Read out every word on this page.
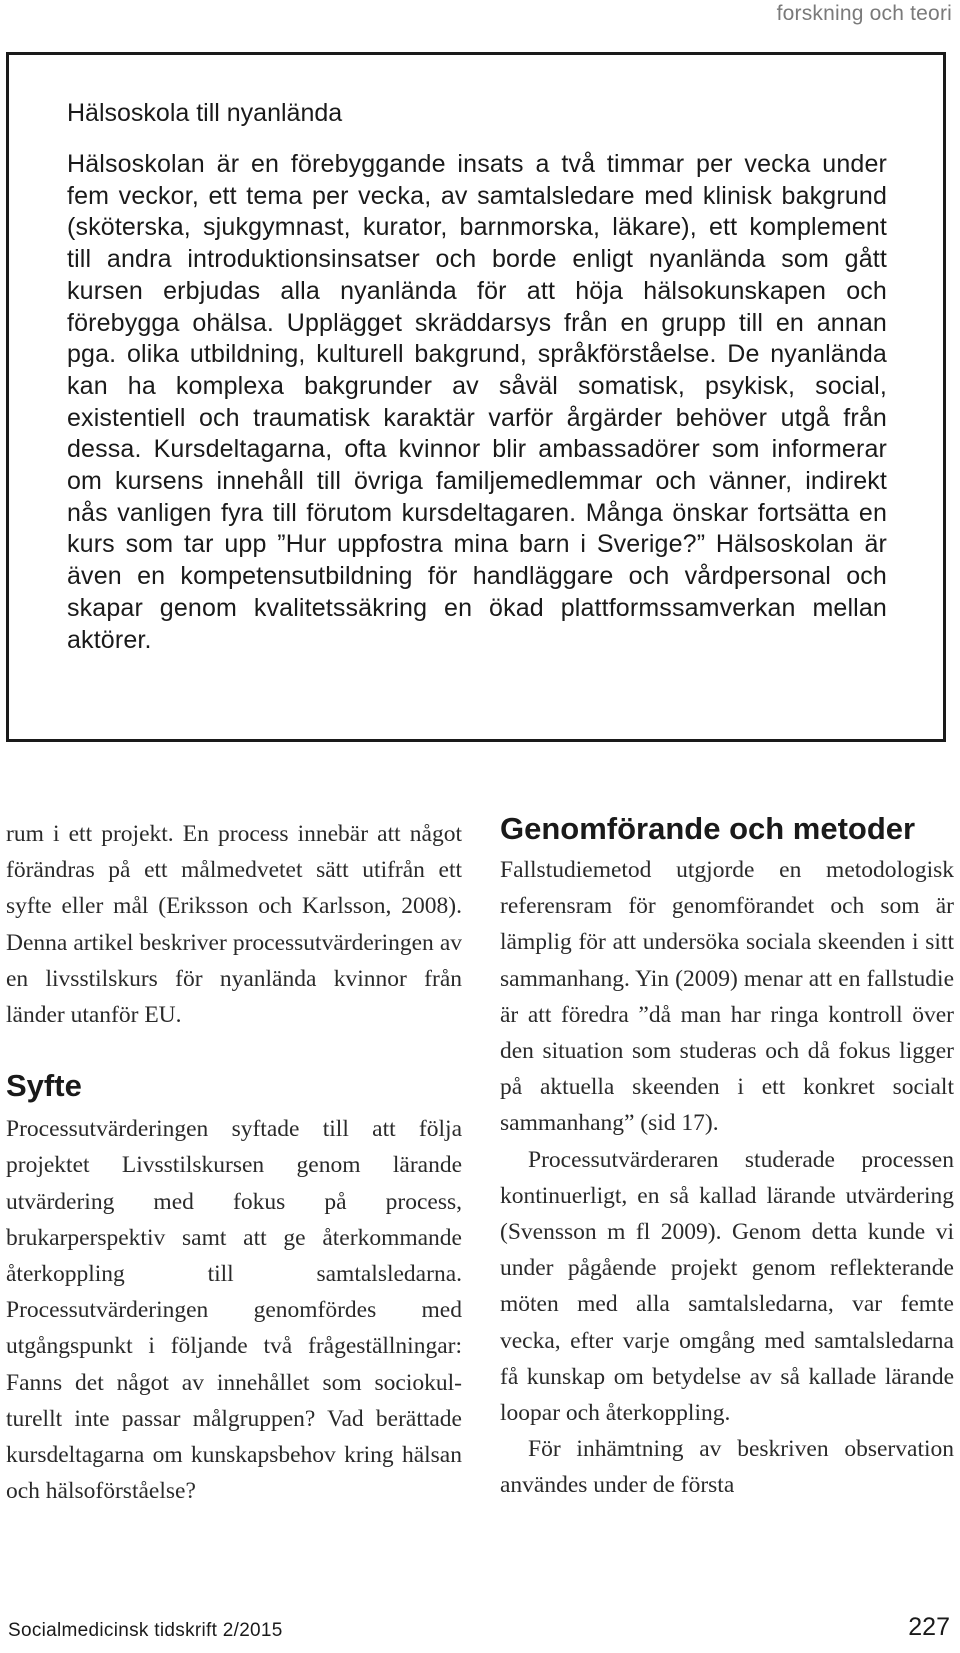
forskning och teori
Hälsoskola till nyanlända
Hälsoskolan är en förebyggande insats a två timmar per vecka under fem veckor, ett tema per vecka, av samtalsledare med klinisk bakgrund (sköterska, sjukgymnast, kurator, barnmorska, läkare), ett komplement till andra introduktionsinsatser och borde enligt nyanlända som gått kursen erbjudas alla nyanlända för att höja hälsokunskapen och förebygga ohälsa. Upplägget skräddarsys från en grupp till en annan pga. olika utbildning, kulturell bakgrund, språkförståelse. De nyanlända kan ha komplexa bakgrunder av såväl somatisk, psykisk, social, existentiell och traumatisk karaktär varför årgärder behöver utgå från dessa. Kursdeltagarna, ofta kvinnor blir ambassadörer som informerar om kursens innehåll till övriga familjemedlemmar och vänner, indirekt nås vanligen fyra till förutom kursdeltagaren. Många önskar fortsätta en kurs som tar upp ”Hur uppfostra mina barn i Sverige?” Hälsoskolan är även en kompetensutbildning för handläggare och vårdpersonal och skapar genom kvalitetssäkring en ökad plattformssamverkan mellan aktörer.

rum i ett projekt. En process innebär att något förändras på ett målmedvetet sätt utifrån ett syfte eller mål (Eriksson och Karlsson, 2008). Denna artikel beskriver processutvärderingen av en livsstilskurs för nyanlända kvinnor från länder utanför EU.

Syfte

Processutvärderingen syftade till att följa projektet Livsstilskursen genom lärande utvärdering med fokus på process, brukarperspektiv samt att ge återkommande återkoppling till samtalsledarna. Processutvärderingen genomfördes med utgångspunkt i följande två frågeställningar: Fanns det något av innehållet som sociokulturellt inte passar målgruppen? Vad berättade kursdeltagarna om kunskapsbehov kring hälsan och hälsoförståelse?

Genomförande och metoder

Fallstudiemetod utgjorde en metodologisk referensram för genomförandet och som är lämplig för att undersöka sociala skeenden i sitt sammanhang. Yin (2009) menar att en fallstudie är att föredra ”då man har ringa kontroll över den situation som studeras och då fokus ligger på aktuella skeenden i ett konkret socialt sammanhang” (sid 17).

Processutvärderaren studerade processen kontinuerligt, en så kallad lärande utvärdering (Svensson m fl 2009). Genom detta kunde vi under pågående projekt genom reflekterande möten med alla samtalsledarna, var femte vecka, efter varje omgång med samtalsledarna få kunskap om betydelse av så kallade lärande loopar och återkoppling.

För inhämtning av beskriven observation användes under de första

Socialmedicinsk tidskrift 2/2015	227
